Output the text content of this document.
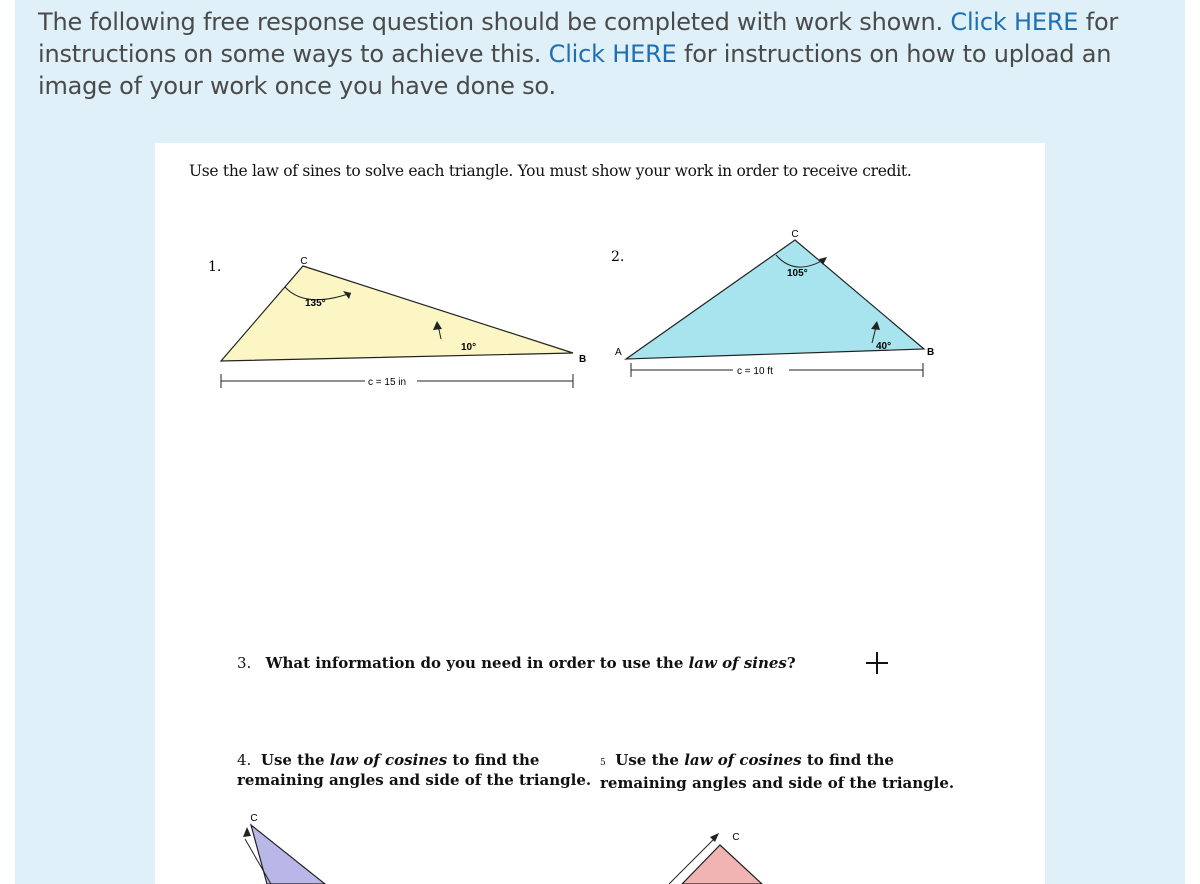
The following free response question should be completed with work shown. Click HERE for instructions on some ways to achieve this. Click HERE for instructions on how to upload an image of your work once you have done so.

Use the law of sines to solve each triangle. You must show your work in order to receive credit.
C
B
135°
10°
1.
c = 15 in
C
A	B
105°
40°
2.
c = 10 ft
C
C
3. What information do you need in order to use the law of sines?
4. Use the law of cosines to find the remaining angles and side of the triangle.
5 Use the law of cosines to find the remaining angles and side of the triangle.
